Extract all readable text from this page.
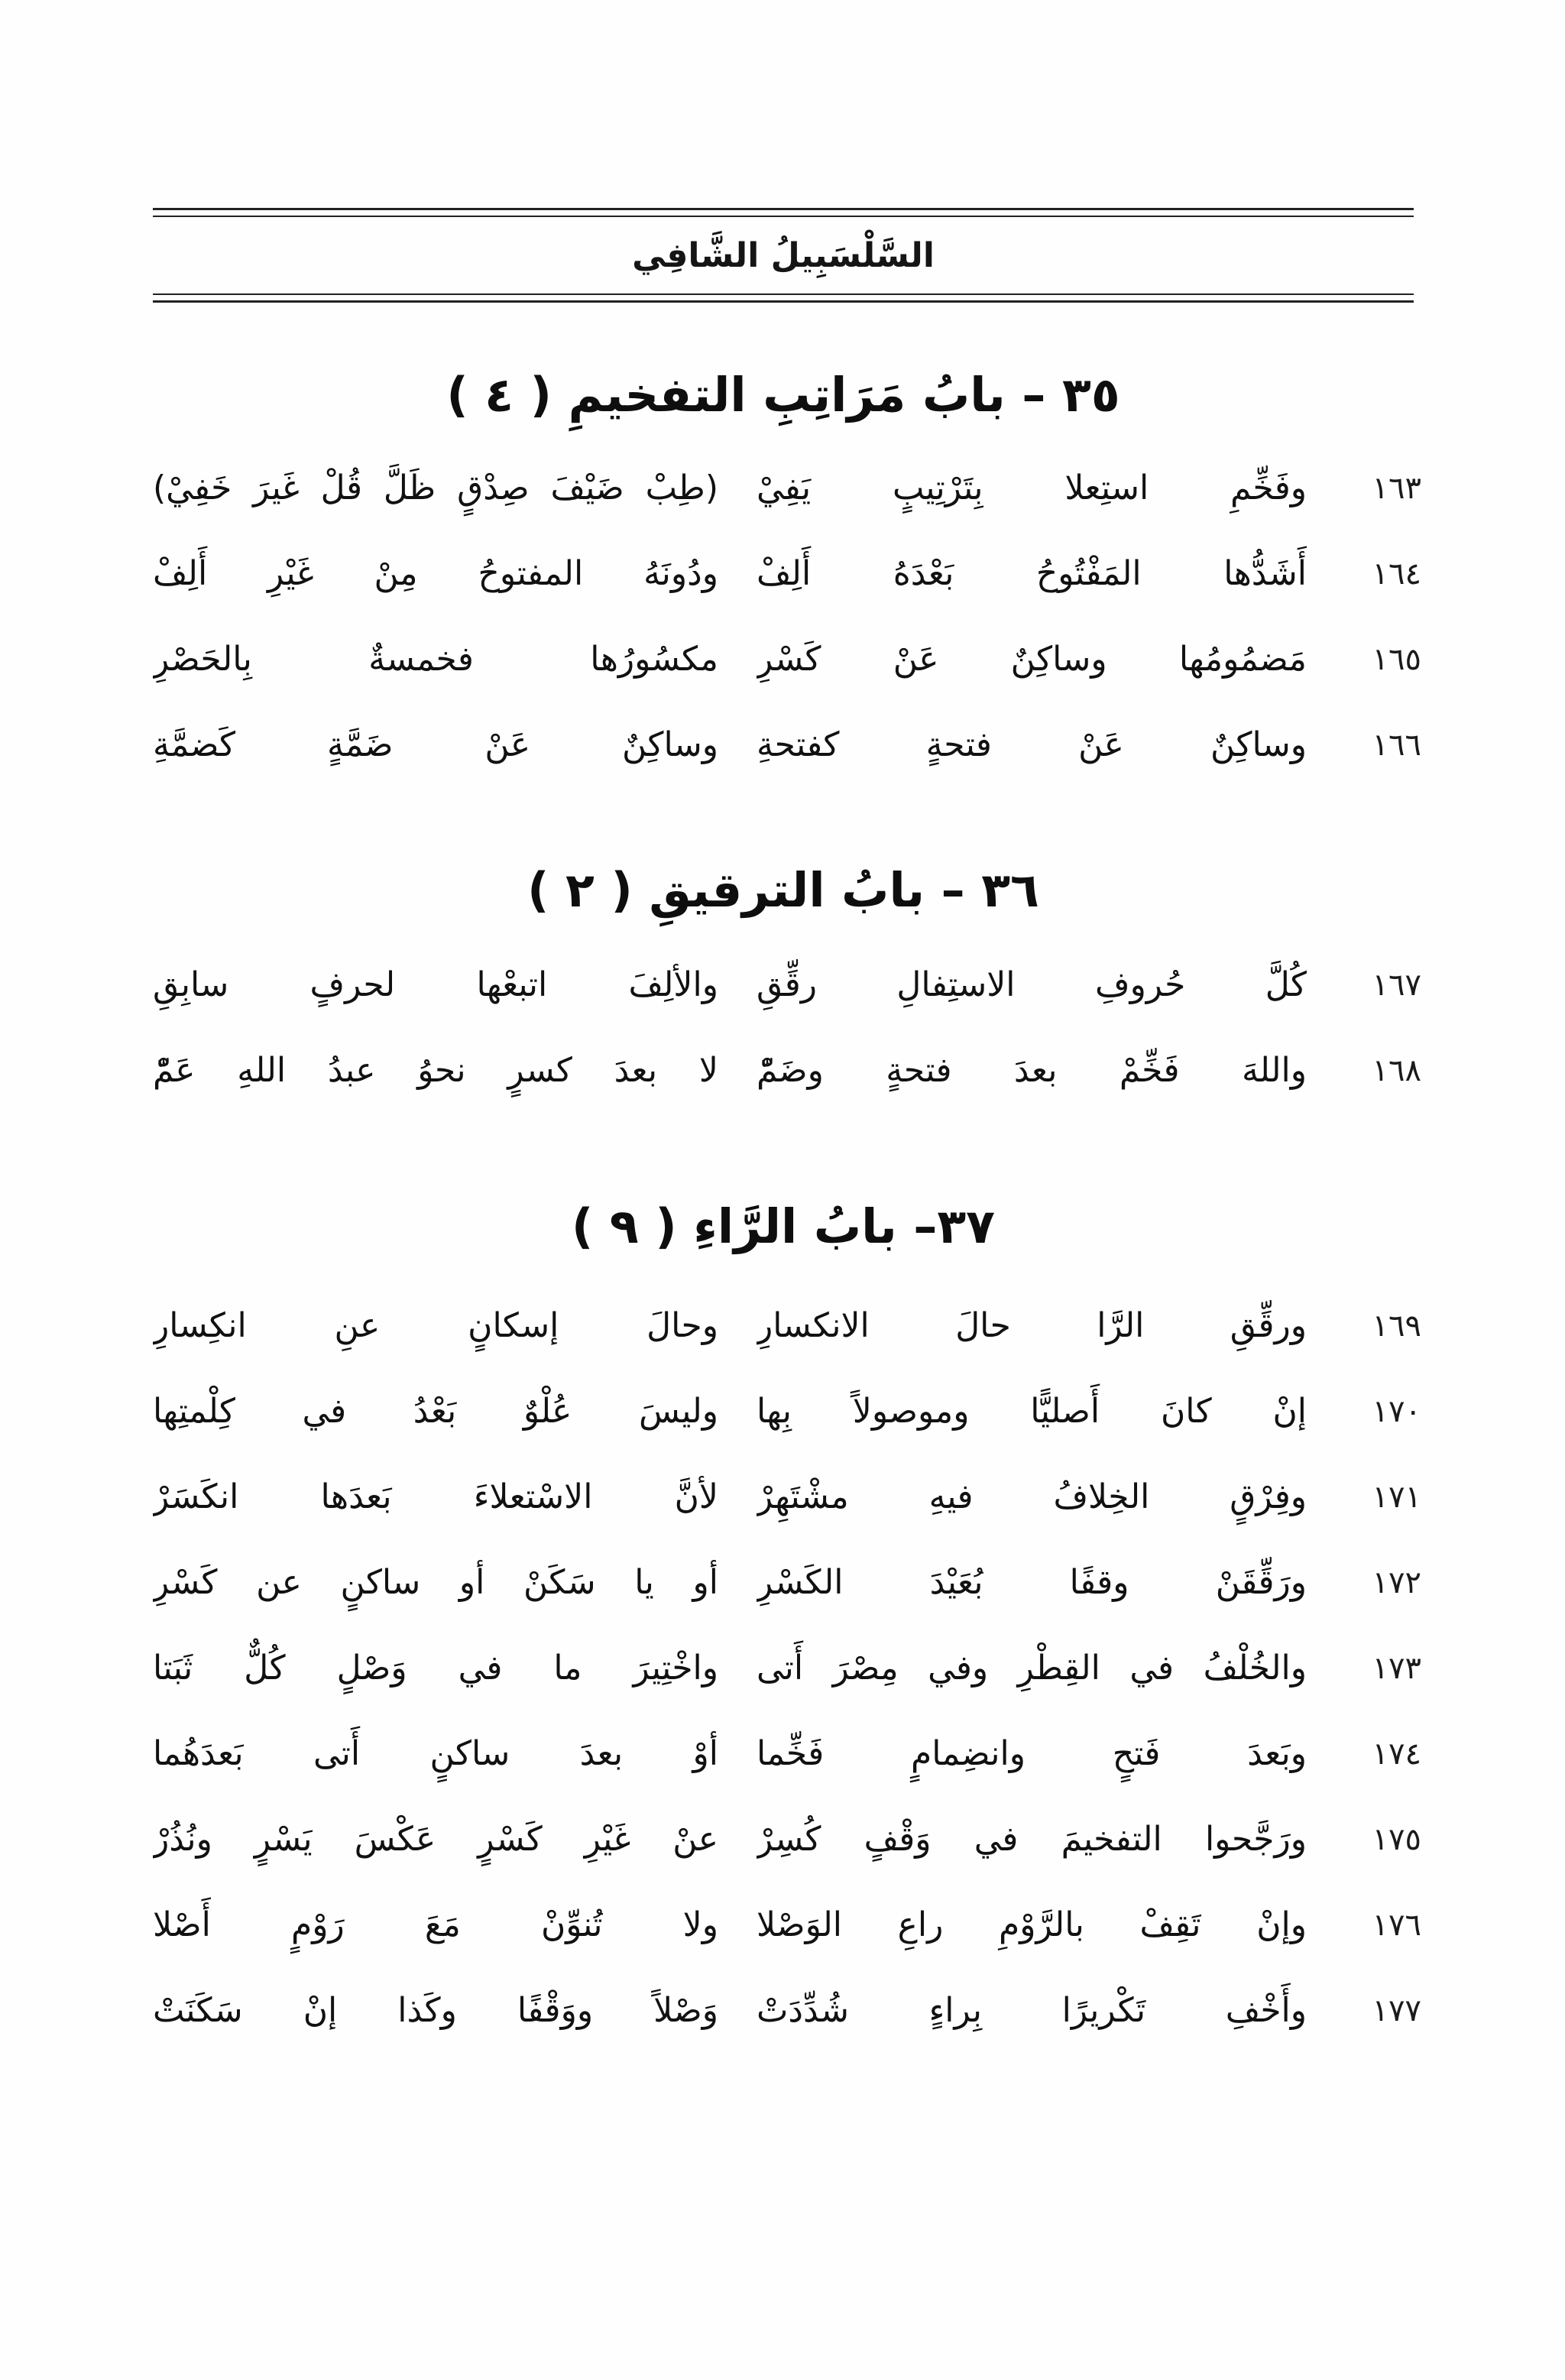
السَّلْسَبِيلُ الشَّافِي
٣٥ – بابُ مَرَاتِبِ التفخيمِ ( ٤ )
١٦٣
وفَخِّمِ استِعلا بِتَرْتِيبٍ يَفِيْ
(طِبْ ضَيْفَ صِدْقٍ ظَلَّ قُلْ غَيرَ خَفِيْ)
١٦٤
أَشَدُّها المَفْتُوحُ بَعْدَهُ أَلِفْ
ودُونَهُ المفتوحُ مِنْ غَيْرِ أَلِفْ
١٦٥
مَضمُومُها وساكِنٌ عَنْ كَسْرِ
مكسُورُها فخمسةٌ بِالحَصْرِ
١٦٦
وساكِنٌ عَنْ فتحةٍ كفتحةِ
وساكِنٌ عَنْ ضَمَّةٍ كَضمَّةِ
٣٦ – بابُ الترقيقِ ( ٢ )
١٦٧
كُلَّ حُروفِ الاستِفالِ رقِّقِ
والألِفَ اتبعْها لحرفٍ سابِقِ
١٦٨
واللهَ فَخِّمْ بعدَ فتحةٍ وضَمّْ
لا بعدَ كسرٍ نحوُ عبدُ اللهِ عَمّْ
٣٧– بابُ الرَّاءِ ( ٩ )
١٦٩
ورقِّقِ الرَّا حالَ الانكسارِ
وحالَ إسكانٍ عنِ انكِسارِ
١٧٠
إنْ كانَ أَصليًّا وموصولاً بِها
وليسَ عُلْوٌ بَعْدُ في كِلْمتِها
١٧١
وفِرْقٍ الخِلافُ فيهِ مشْتَهِرْ
لأنَّ الاسْتعلاءَ بَعدَها انكَسَرْ
١٧٢
ورَقِّقَنْ وقفًا بُعَيْدَ الكَسْرِ
أو يا سَكَنْ أو ساكنٍ عن كَسْرِ
١٧٣
والخُلْفُ في القِطْرِ وفي مِصْرَ أَتى
واخْتِيرَ ما في وَصْلٍ كُلٌّ ثَبَتا
١٧٤
وبَعدَ فَتحٍ وانضِمامٍ فَخِّما
أوْ بعدَ ساكنٍ أَتى بَعدَهُما
١٧٥
ورَجَّحوا التفخيمَ في وَقْفٍ كُسِرْ
عنْ غَيْرِ كَسْرٍ عَكْسَ يَسْرٍ ونُذُرْ
١٧٦
وإنْ تَقِفْ بالرَّوْمِ راعِ الوَصْلا
ولا تُنوِّنْ مَعَ رَوْمٍ أَصْلا
١٧٧
وأَخْفِ تَكْريرًا بِراءٍ شُدِّدَتْ
وَصْلاً ووَقْفًا وكَذا إنْ سَكَنَتْ
